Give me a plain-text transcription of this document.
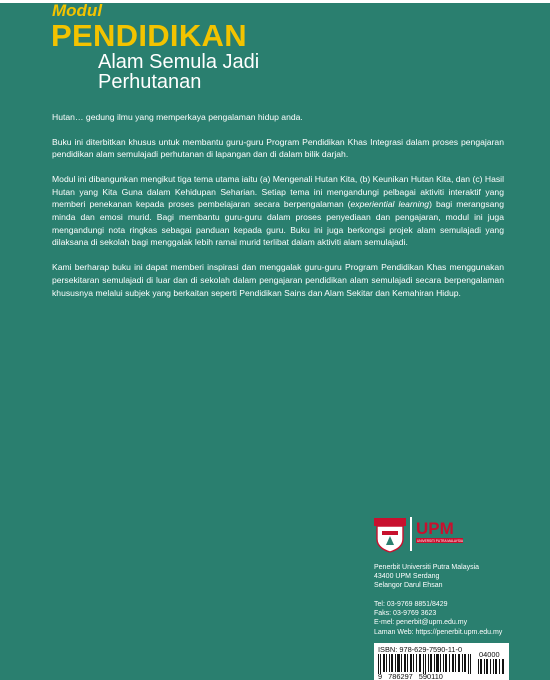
Modul
PENDIDIKAN
Alam Semula Jadi
Perhutanan

Hutan… gedung ilmu yang memperkaya pengalaman hidup anda.

Buku ini diterbitkan khusus untuk membantu guru-guru Program Pendidikan Khas Integrasi dalam proses pengajaran pendidikan alam semulajadi perhutanan di lapangan dan di dalam bilik darjah.

Modul ini dibangunkan mengikut tiga tema utama iaitu (a) Mengenali Hutan Kita, (b) Keunikan Hutan Kita, dan (c) Hasil Hutan yang Kita Guna dalam Kehidupan Seharian. Setiap tema ini mengandungi pelbagai aktiviti interaktif yang memberi penekanan kepada proses pembelajaran secara berpengalaman (experiential learning) bagi merangsang minda dan emosi murid. Bagi membantu guru-guru dalam proses penyediaan dan pengajaran, modul ini juga mengandungi nota ringkas sebagai panduan kepada guru. Buku ini juga berkongsi projek alam semulajadi yang dilaksana di sekolah bagi menggalak lebih ramai murid terlibat dalam aktiviti alam semulajadi.

Kami berharap buku ini dapat memberi inspirasi dan menggalak guru-guru Program Pendidikan Khas menggunakan persekitaran semulajadi di luar dan di sekolah dalam pengajaran pendidikan alam semulajadi secara berpengalaman khususnya melalui subjek yang berkaitan seperti Pendidikan Sains dan Alam Sekitar dan Kemahiran Hidup.

UPM
UNIVERSITI PUTRA MALAYSIA
Penerbit Universiti Putra Malaysia
43400 UPM Serdang
Selangor Darul Ehsan
Tel: 03-9769 8851/8429
Faks: 03-9769 3623
E-mel: penerbit@upm.edu.my
Laman Web: https://penerbit.upm.edu.my
ISBN: 978-629-7590-11-0
04000
9 786297 590110
